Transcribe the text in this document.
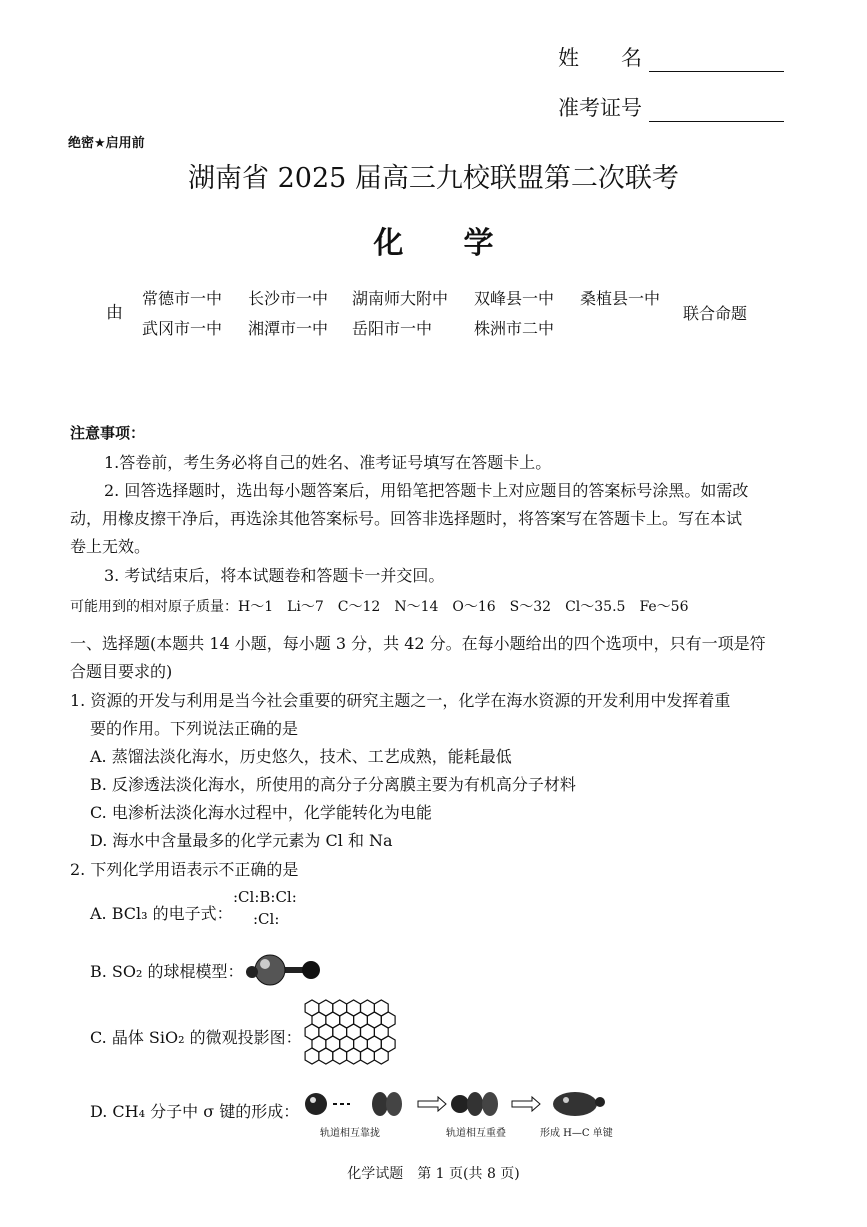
姓　　名
准考证号
绝密★启用前
湖南省 2025 届高三九校联盟第二次联考
化　　学
由
常德市一中 长沙市一中 湖南师大附中 双峰县一中 桑植县一中
武冈市一中 湘潭市一中 岳阳市一中	株洲市二中
联合命题
注意事项：
1.答卷前，考生务必将自己的姓名、准考证号填写在答题卡上。
2. 回答选择题时，选出每小题答案后，用铅笔把答题卡上对应题目的答案标号涂黑。如需改
动，用橡皮擦干净后，再选涂其他答案标号。回答非选择题时，将答案写在答题卡上。写在本试
卷上无效。
3. 考试结束后，将本试题卷和答题卡一并交回。
可能用到的相对原子质量：H～1　Li～7　C～12　N～14　O～16　S～32　Cl～35.5　Fe～56
一、选择题(本题共 14 小题，每小题 3 分，共 42 分。在每小题给出的四个选项中，只有一项是符
合题目要求的)
1. 资源的开发与利用是当今社会重要的研究主题之一，化学在海水资源的开发利用中发挥着重
要的作用。下列说法正确的是
A. 蒸馏法淡化海水，历史悠久，技术、工艺成熟，能耗最低
B. 反渗透法淡化海水，所使用的高分子分离膜主要为有机高分子材料
C. 电渗析法淡化海水过程中，化学能转化为电能
D. 海水中含量最多的化学元素为 Cl 和 Na
2. 下列化学用语表示不正确的是
A. BCl₃ 的电子式：
:Cl:B:Cl:
:Cl:
B. SO₂ 的球棍模型：
C. 晶体 SiO₂ 的微观投影图：
D. CH₄ 分子中 σ 键的形成：
轨道相互靠拢	轨道相互重叠	形成 H—C 单键
化学试题　第 1 页(共 8 页)
